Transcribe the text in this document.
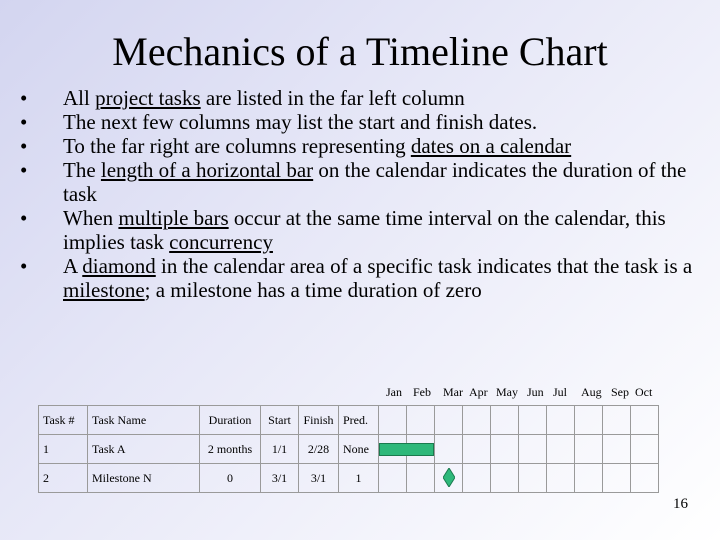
Mechanics of a Timeline Chart
•	All project tasks are listed in the far left column
•	The next few columns may list the start and finish dates.
•	To the far right are columns representing dates on a calendar
•	The length of a horizontal bar on the calendar indicates the duration of the task
•	When multiple bars occur at the same time interval on the calendar, this implies task concurrency
•	A diamond in the calendar area of a specific task indicates that the task is a milestone; a milestone has a time duration of zero
Jan Feb Mar Apr May Jun Jul Aug Sep Oct
Task #	Task Name	Duration	Start	Finish	Pred.										
1	Task A	2 months	1/1	2/28	None	

2	Milestone N	0	3/1	3/1	1			

16
